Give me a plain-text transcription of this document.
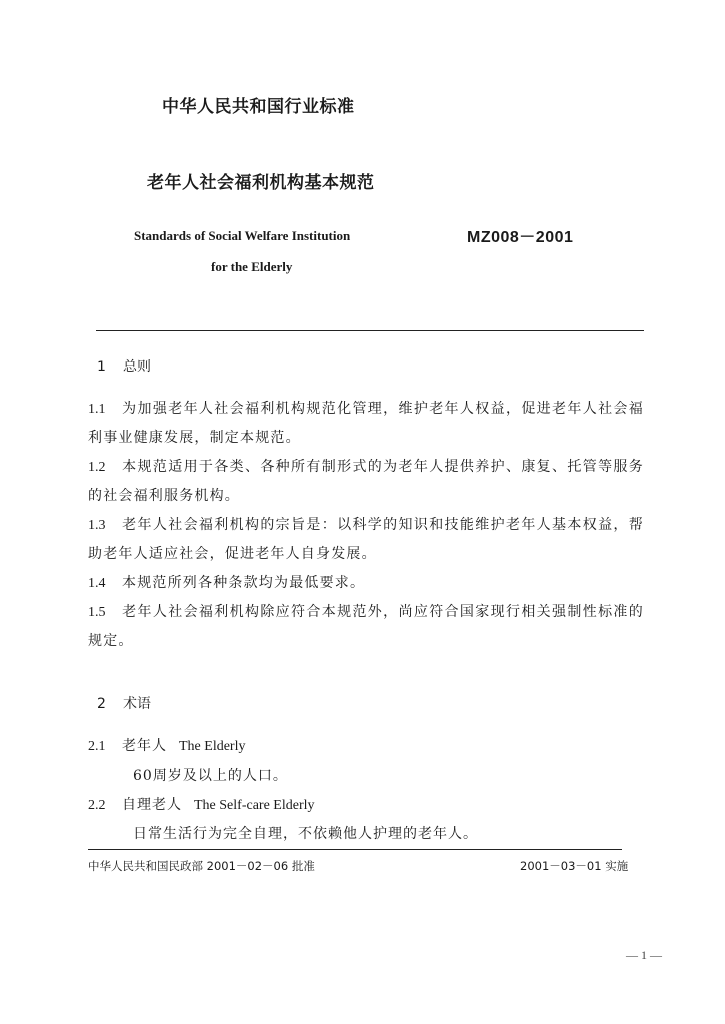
中华人民共和国行业标准
老年人社会福利机构基本规范
Standards of Social Welfare Institution
for the Elderly
MZ008－2001
1 总则
1.1 为加强老年人社会福利机构规范化管理，维护老年人权益，促进老年人社会福利事业健康发展，制定本规范。
1.2 本规范适用于各类、各种所有制形式的为老年人提供养护、康复、托管等服务的社会福利服务机构。
1.3 老年人社会福利机构的宗旨是：以科学的知识和技能维护老年人基本权益，帮助老年人适应社会，促进老年人自身发展。
1.4 本规范所列各种条款均为最低要求。
1.5 老年人社会福利机构除应符合本规范外，尚应符合国家现行相关强制性标准的规定。
2 术语
2.1 老年人 The Elderly
60周岁及以上的人口。
2.2 自理老人 The Self-care Elderly
日常生活行为完全自理，不依赖他人护理的老年人。
中华人民共和国民政部 2001－02－06 批准	2001－03－01 实施
— 1 —
